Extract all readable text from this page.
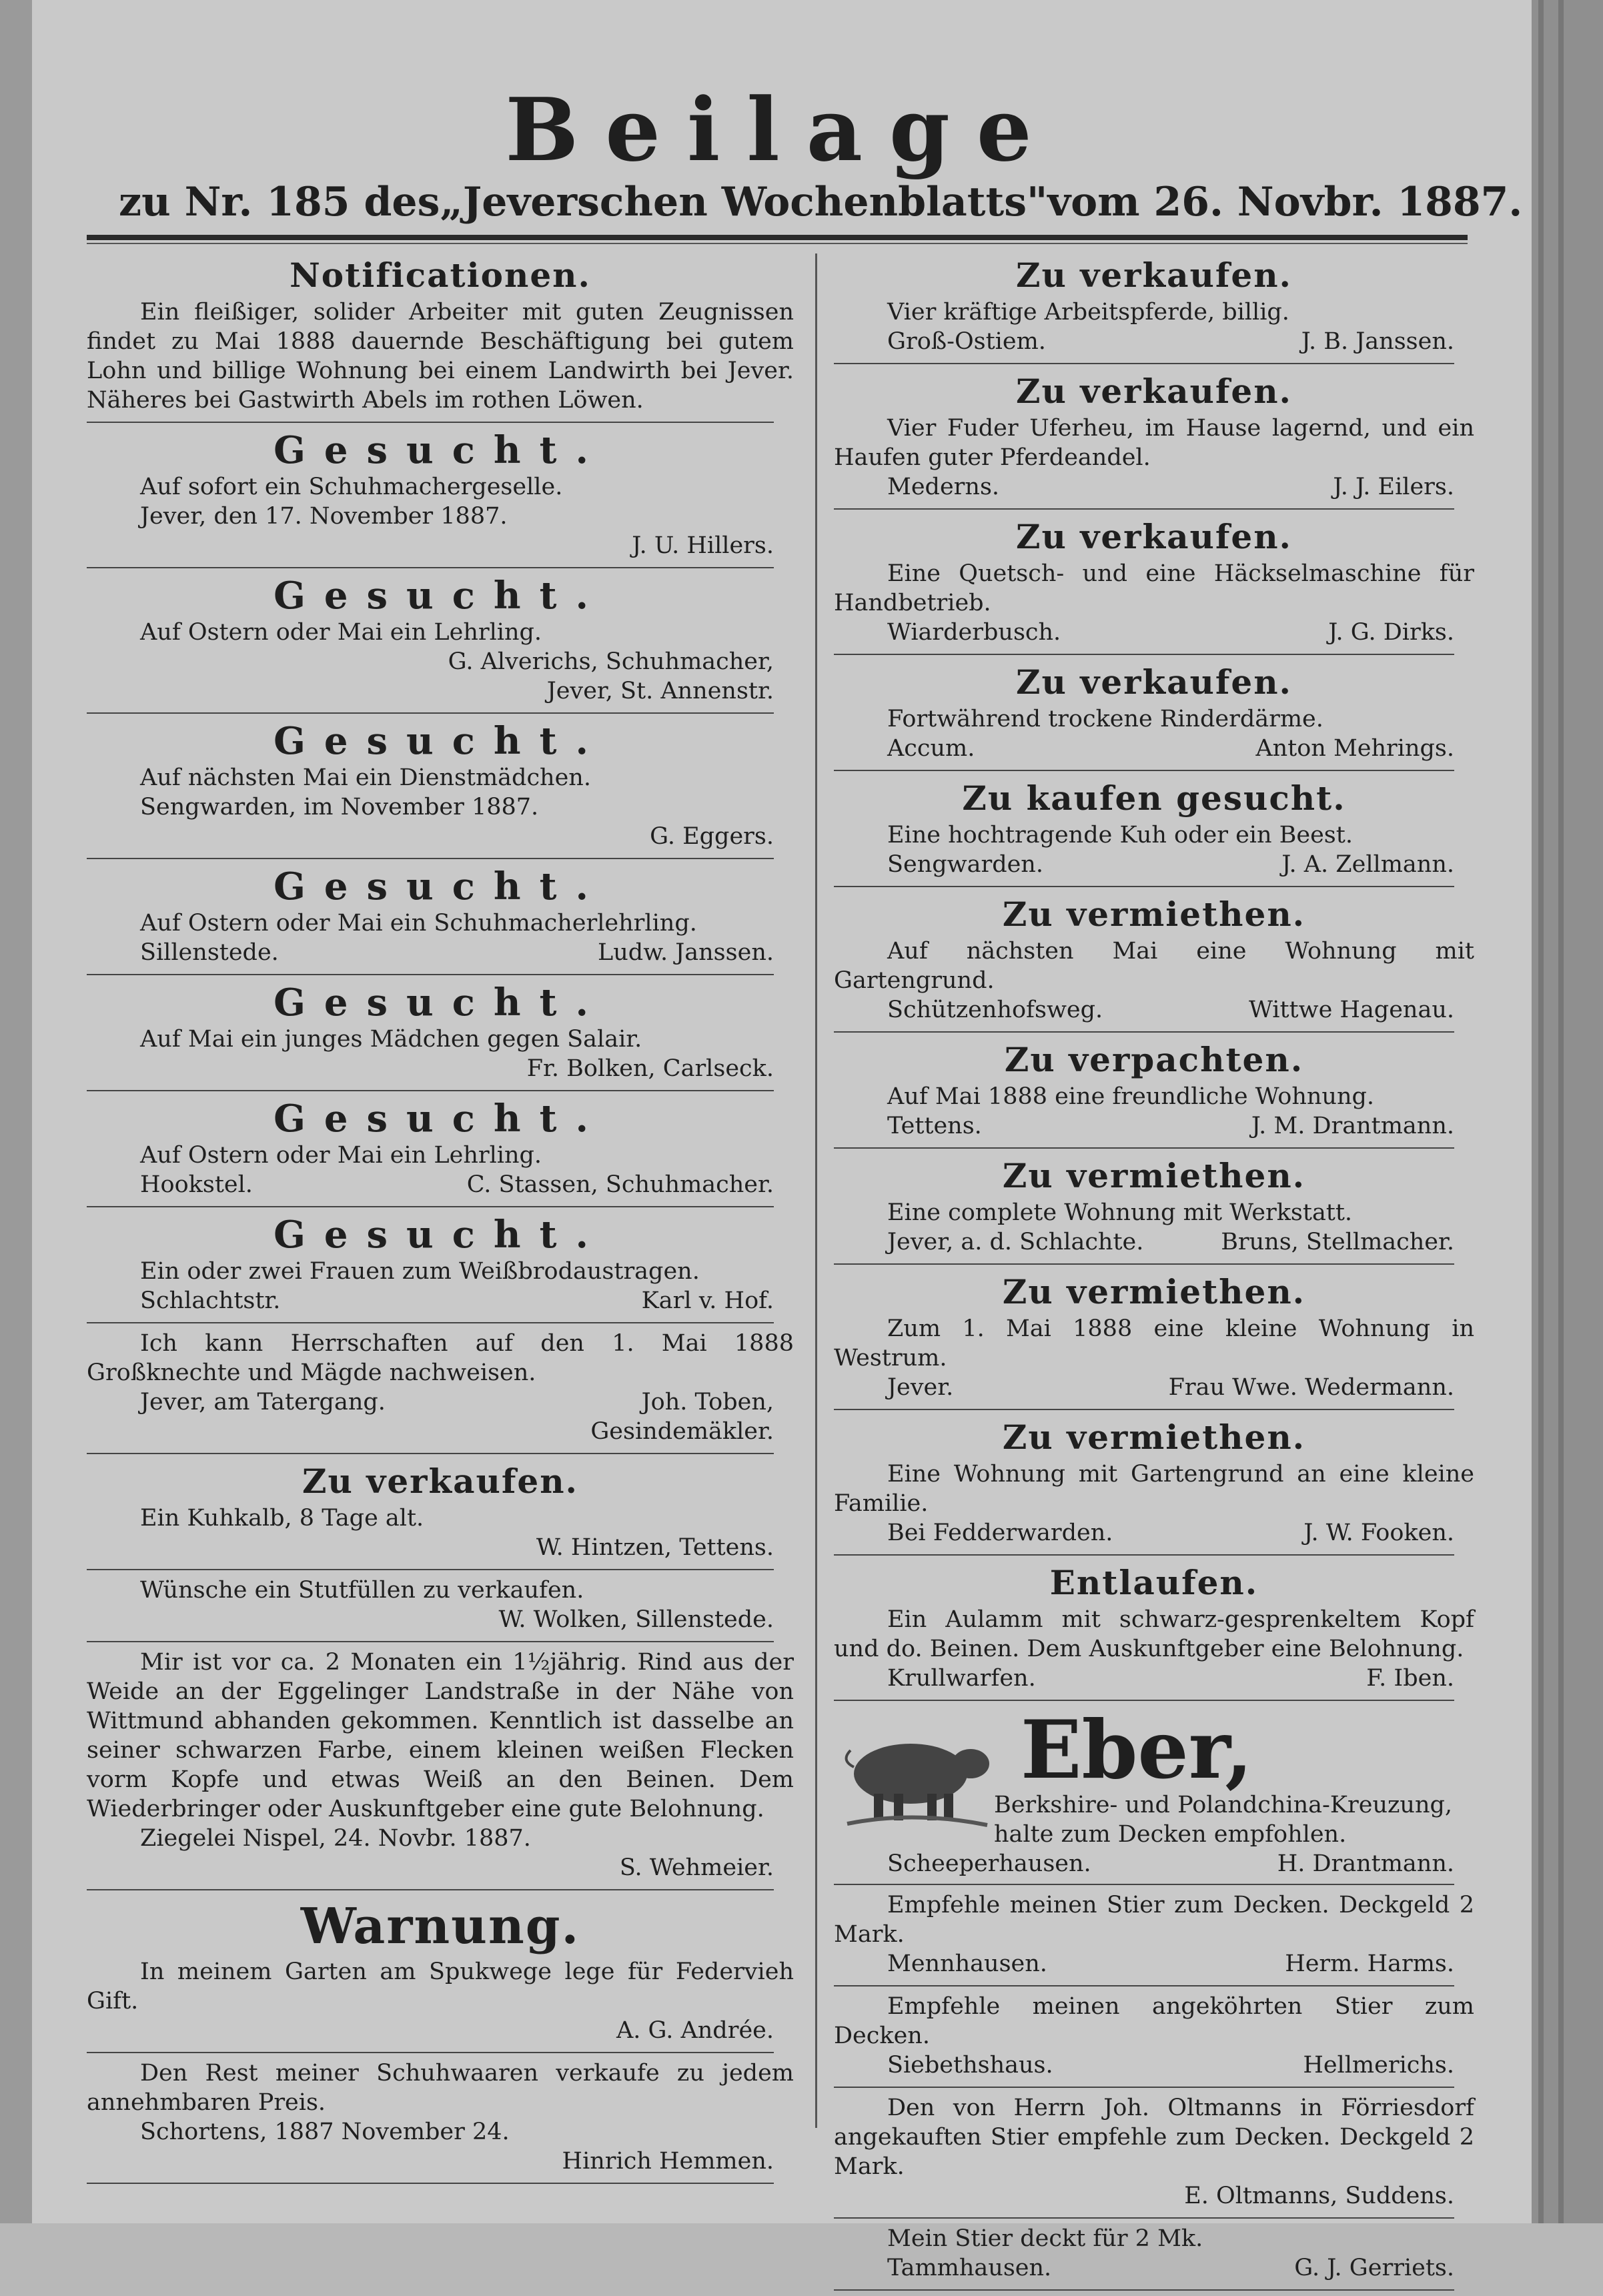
Beilage
zu Nr. 185 des „Jeverschen Wochenblatts" vom 26. Novbr. 1887.
Notificationen.
Ein fleißiger, solider Arbeiter mit guten Zeugnissen findet zu Mai 1888 dauernde Beschäftigung bei gutem Lohn und billige Wohnung bei einem Landwirth bei Jever. Näheres bei Gastwirth Abels im rothen Löwen.
Gesucht.
Auf sofort ein Schuhmachergeselle.
Jever, den 17. November 1887.
J. U. Hillers.
Gesucht.
Auf Ostern oder Mai ein Lehrling.
G. Alverichs, Schuhmacher,
Jever, St. Annenstr.
Gesucht.
Auf nächsten Mai ein Dienstmädchen.
Sengwarden, im November 1887.
G. Eggers.
Gesucht.
Auf Ostern oder Mai ein Schuhmacherlehrling.
Sillenstede.	Ludw. Janssen.
Gesucht.
Auf Mai ein junges Mädchen gegen Salair.
Fr. Bolken, Carlseck.
Gesucht.
Auf Ostern oder Mai ein Lehrling.
Hookstel.	C. Stassen, Schuhmacher.
Gesucht.
Ein oder zwei Frauen zum Weißbrodaustragen.
Schlachtstr.	Karl v. Hof.
Ich kann Herrschaften auf den 1. Mai 1888 Großknechte und Mägde nachweisen.
Jever, am Tatergang.	Joh. Toben,
Gesindemäkler.
Zu verkaufen.
Ein Kuhkalb, 8 Tage alt.
W. Hintzen, Tettens.
Wünsche ein Stutfüllen zu verkaufen.
W. Wolken, Sillenstede.
Mir ist vor ca. 2 Monaten ein 1½jährig. Rind aus der Weide an der Eggelinger Landstraße in der Nähe von Wittmund abhanden gekommen. Kenntlich ist dasselbe an seiner schwarzen Farbe, einem kleinen weißen Flecken vorm Kopfe und etwas Weiß an den Beinen. Dem Wiederbringer oder Auskunftgeber eine gute Belohnung.
Ziegelei Nispel, 24. Novbr. 1887.
S. Wehmeier.
Warnung.
In meinem Garten am Spukwege lege für Federvieh Gift.
A. G. Andrée.
Den Rest meiner Schuhwaaren verkaufe zu jedem annehmbaren Preis.
Schortens, 1887 November 24.
Hinrich Hemmen.
Zu verkaufen.
Vier kräftige Arbeitspferde, billig.
Groß-Ostiem.	J. B. Janssen.
Zu verkaufen.
Vier Fuder Uferheu, im Hause lagernd, und ein Haufen guter Pferdeandel.
Mederns.	J. J. Eilers.
Zu verkaufen.
Eine Quetsch- und eine Häckselmaschine für Handbetrieb.
Wiarderbusch.	J. G. Dirks.
Zu verkaufen.
Fortwährend trockene Rinderdärme.
Accum.	Anton Mehrings.
Zu kaufen gesucht.
Eine hochtragende Kuh oder ein Beest.
Sengwarden.	J. A. Zellmann.
Zu vermiethen.
Auf nächsten Mai eine Wohnung mit Gartengrund.
Schützenhofsweg.	Wittwe Hagenau.
Zu verpachten.
Auf Mai 1888 eine freundliche Wohnung.
Tettens.	J. M. Drantmann.
Zu vermiethen.
Eine complete Wohnung mit Werkstatt.
Jever, a. d. Schlachte.	Bruns, Stellmacher.
Zu vermiethen.
Zum 1. Mai 1888 eine kleine Wohnung in Westrum.
Jever.	Frau Wwe. Wedermann.
Zu vermiethen.
Eine Wohnung mit Gartengrund an eine kleine Familie.
Bei Fedderwarden.	J. W. Fooken.
Entlaufen.
Ein Aulamm mit schwarz-gesprenkeltem Kopf und do. Beinen. Dem Auskunftgeber eine Belohnung.
Krullwarfen.	F. Iben.
Eber,
Berkshire- und Polandchina-Kreuzung, halte zum Decken empfohlen.
Scheeperhausen.	H. Drantmann.
Empfehle meinen Stier zum Decken. Deckgeld 2 Mark.
Mennhausen.	Herm. Harms.
Empfehle meinen angeköhrten Stier zum Decken.
Siebethshaus.	Hellmerichs.
Den von Herrn Joh. Oltmanns in Förriesdorf angekauften Stier empfehle zum Decken. Deckgeld 2 Mark.
E. Oltmanns, Suddens.
Mein Stier deckt für 2 Mk.
Tammhausen.	G. J. Gerriets.
